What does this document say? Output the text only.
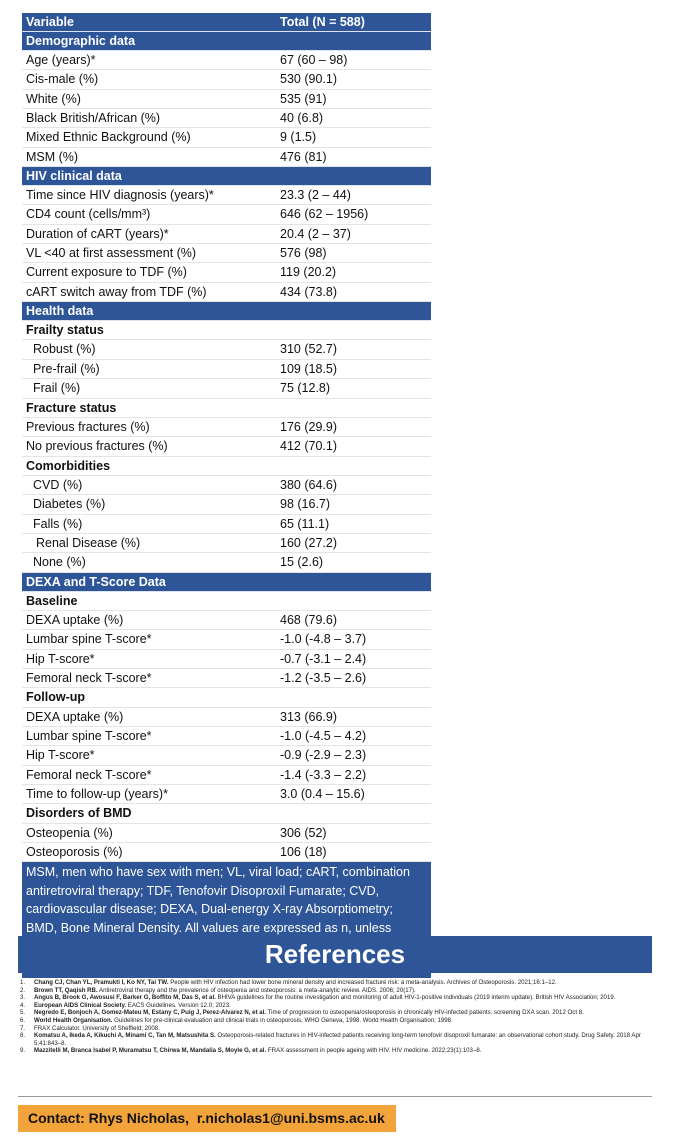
Variable	Total (N = 588)
Demographic data
Age (years)*	67 (60 – 98)
Cis-male (%)	530 (90.1)
White (%)	535 (91)
Black British/African (%)	40 (6.8)
Mixed Ethnic Background (%)	9 (1.5)
MSM (%)	476 (81)
HIV clinical data
Time since HIV diagnosis (years)*	23.3 (2 – 44)
CD4 count (cells/mm³)	646 (62 – 1956)
Duration of cART (years)*	20.4 (2 – 37)
VL <40 at first assessment (%)	576 (98)
Current exposure to TDF (%)	119 (20.2)
cART switch away from TDF (%)	434 (73.8)
Health data
Frailty status
Robust (%)	310 (52.7)
Pre-frail (%)	109 (18.5)
Frail (%)	75 (12.8)
Fracture status
Previous fractures (%)	176 (29.9)
No previous fractures (%)	412 (70.1)
Comorbidities
CVD (%)	380 (64.6)
Diabetes (%)	98 (16.7)
Falls (%)	65 (11.1)
Renal Disease (%)	160 (27.2)
None (%)	15 (2.6)
DEXA and T-Score Data
Baseline
DEXA uptake (%)	468 (79.6)
Lumbar spine T-score*	-1.0 (-4.8 – 3.7)
Hip T-score*	-0.7 (-3.1 – 2.4)
Femoral neck T-score*	-1.2 (-3.5 – 2.6)
Follow-up
DEXA uptake (%)	313 (66.9)
Lumbar spine T-score*	-1.0 (-4.5 – 4.2)
Hip T-score*	-0.9 (-2.9 – 2.3)
Femoral neck T-score*	-1.4 (-3.3 – 2.2)
Time to follow-up (years)*	3.0 (0.4 – 15.6)
Disorders of BMD
Osteopenia (%)	306 (52)
Osteoporosis (%)	106 (18)

MSM, men who have sex with men; VL, viral load; cART, combination antiretroviral therapy; TDF, Tenofovir Disoproxil Fumarate; CVD, cardiovascular disease; DEXA, Dual-energy X-ray Absorptiometry; BMD, Bone Mineral Density. All values are expressed as n, unless

References
1. Chang CJ, Chan YL, Pramukti I, Ko NY, Tai TW. People with HIV infection had lower bone mineral density and increased fracture risk: a meta-analysis. Archives of Osteoporosis. 2021;16:1–12.
2. Brown TT, Qaqish RB. Antiretroviral therapy and the prevalence of osteopenia and osteoporosis: a meta-analytic review. AIDS. 2006; 20(17).
3. Angus B, Brook G, Awosusi F, Barker G, Boffito M, Das S, et al. BHIVA guidelines for the routine investigation and monitoring of adult HIV-1-positive individuals (2019 interim update). British HIV Association; 2019.
4. European AIDS Clinical Society. EACS Guidelines. Version 12.0; 2023.
5. Negredo E, Bonjoch A, Gomez-Mateu M, Estany C, Puig J, Perez-Alvarez N, et al. Time of progression to osteopenia/osteoporosis in chronically HIV-infected patients: screening DXA scan. 2012 Oct 8.
6. World Health Organisation. Guidelines for pre-clinical evaluation and clinical trials in osteoporosis, WHO Geneva, 1998. World Health Organisation; 1998
7. FRAX Calculator. University of Sheffield; 2008.
8. Komatsu A, Ikeda A, Kikuchi A, Minami C, Tan M, Matsushita S. Osteoporosis-related fractures in HIV-infected patients receiving long-term tenofovir disoproxil fumarate: an observational cohort study. Drug Safety. 2018 Apr 5;41:843–8.
9. Mazzitelli M, Branca Isabel P, Muramatsu T, Chirwa M, Mandalia S, Moyle G, et al. FRAX assessment in people ageing with HIV. HIV medicine. 2022;23(1):103–8.
Contact: Rhys Nicholas, r.nicholas1@uni.bsms.ac.uk
